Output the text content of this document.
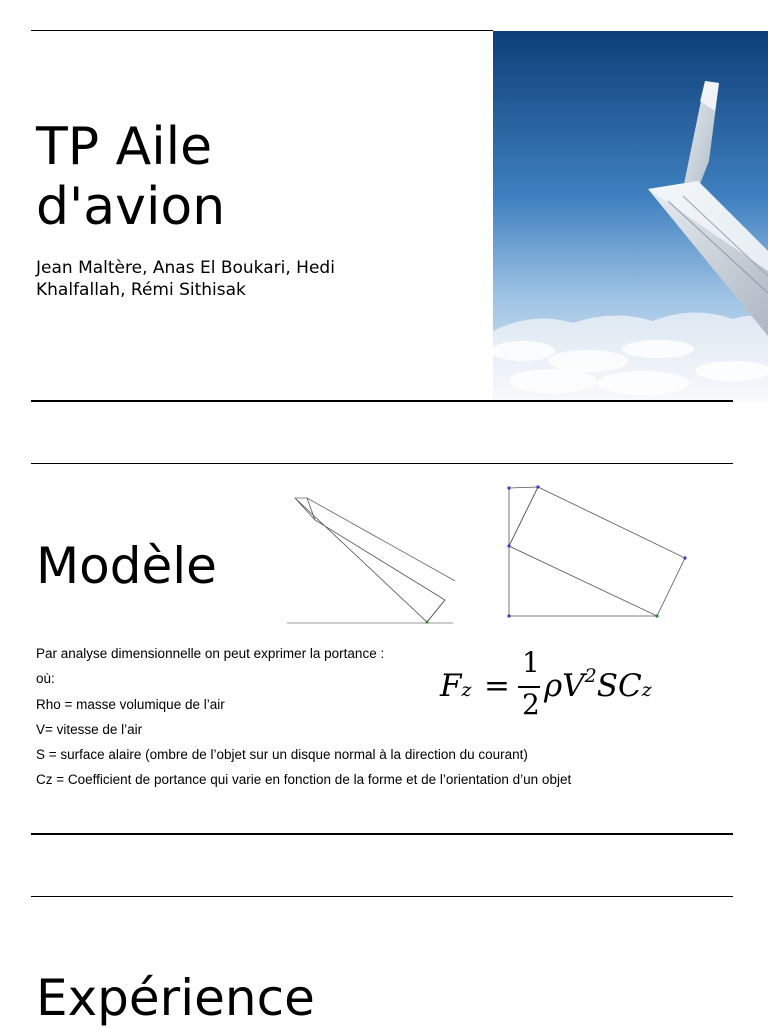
TP Aile
d'avion

Jean Maltère, Anas El Boukari, Hedi
Khalfallah, Rémi Sithisak

Modèle
Par analyse dimensionnelle on peut exprimer la portance :
où:
Rho = masse volumique de l’air
V= vitesse de l’air
S = surface alaire (ombre de l’objet sur un disque normal à la direction du courant)
Cz = Coefficient de portance qui varie en fonction de la forme et de l’orientation d’un objet
Fz =
1
2
$\rho V^2SCz$
Expérience
